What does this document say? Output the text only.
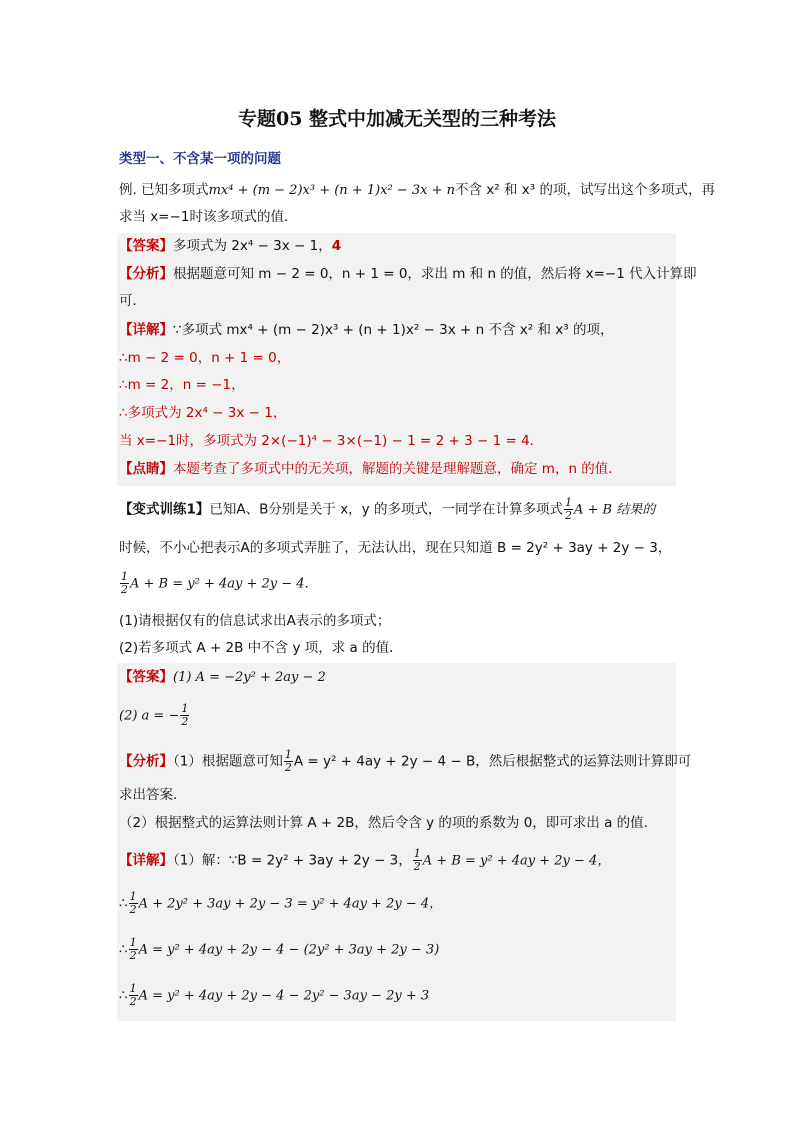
专题05 整式中加减无关型的三种考法
类型一、不含某一项的问题
例. 已知多项式mx⁴ + (m − 2)x³ + (n + 1)x² − 3x + n不含 x² 和 x³ 的项，试写出这个多项式，再
求当 x=−1时该多项式的值．
【答案】多项式为 2x⁴ − 3x − 1，4
【分析】根据题意可知 m − 2 = 0，n + 1 = 0，求出 m 和 n 的值，然后将 x=−1 代入计算即
可．
【详解】∵多项式 mx⁴ + (m − 2)x³ + (n + 1)x² − 3x + n 不含 x² 和 x³ 的项，
∴m − 2 = 0，n + 1 = 0，
∴m = 2，n = −1，
∴多项式为 2x⁴ − 3x − 1，
当 x=−1时，多项式为 2×(−1)⁴ − 3×(−1) − 1 = 2 + 3 − 1 = 4．
【点睛】本题考查了多项式中的无关项，解题的关键是理解题意，确定 m，n 的值．
【变式训练1】已知A、B分别是关于 x，y 的多项式，一同学在计算多项式 $\frac{1}{2}$ A + B 结果的
时候，不小心把表示A的多项式弄脏了，无法认出，现在只知道 B = 2y² + 3ay + 2y − 3，
$\frac{1}{2}$ A + B = y² + 4ay + 2y − 4．
(1)请根据仅有的信息试求出A表示的多项式；
(2)若多项式 A + 2B 中不含 y 项，求 a 的值．
【答案】(1) A = −2y² + 2ay − 2
(2) a = − $\frac{1}{2}$
【分析】（1）根据题意可知 $\frac{1}{2}$ A = y² + 4ay + 2y − 4 − B，然后根据整式的运算法则计算即可
求出答案．
（2）根据整式的运算法则计算 A + 2B，然后令含 y 的项的系数为 0，即可求出 a 的值．
【详解】（1）解：∵B = 2y² + 3ay + 2y − 3， $\frac{1}{2}$ A + B = y² + 4ay + 2y − 4，
∴ $\frac{1}{2}$ A + 2y² + 3ay + 2y − 3 = y² + 4ay + 2y − 4，
∴ $\frac{1}{2}$ A = y² + 4ay + 2y − 4 − (2y² + 3ay + 2y − 3)
∴ $\frac{1}{2}$ A = y² + 4ay + 2y − 4 − 2y² − 3ay − 2y + 3
